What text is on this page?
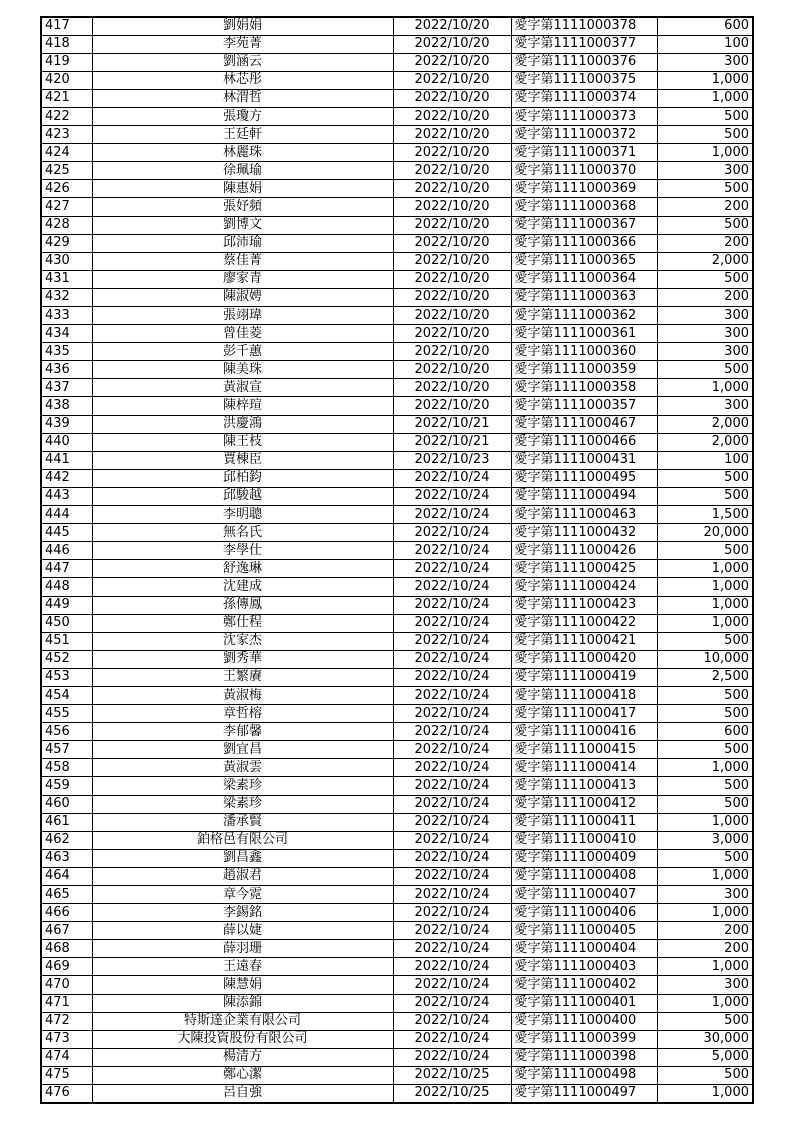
417	劉娟娟	2022/10/20	愛字第1111000378	600
418	李苑菁	2022/10/20	愛字第1111000377	100
419	劉涵云	2022/10/20	愛字第1111000376	300
420	林芯彤	2022/10/20	愛字第1111000375	1,000
421	林渭哲	2022/10/20	愛字第1111000374	1,000
422	張瓊方	2022/10/20	愛字第1111000373	500
423	王廷軒	2022/10/20	愛字第1111000372	500
424	林麗珠	2022/10/20	愛字第1111000371	1,000
425	徐珮瑜	2022/10/20	愛字第1111000370	300
426	陳惠娟	2022/10/20	愛字第1111000369	500
427	張妤頻	2022/10/20	愛字第1111000368	200
428	劉博文	2022/10/20	愛字第1111000367	500
429	邱沛瑜	2022/10/20	愛字第1111000366	200
430	蔡佳菁	2022/10/20	愛字第1111000365	2,000
431	廖家青	2022/10/20	愛字第1111000364	500
432	陳淑娉	2022/10/20	愛字第1111000363	200
433	張翊瑋	2022/10/20	愛字第1111000362	300
434	曾佳菱	2022/10/20	愛字第1111000361	300
435	彭千蕙	2022/10/20	愛字第1111000360	300
436	陳美珠	2022/10/20	愛字第1111000359	500
437	黃淑宣	2022/10/20	愛字第1111000358	1,000
438	陳梓瑄	2022/10/20	愛字第1111000357	300
439	洪慶鴻	2022/10/21	愛字第1111000467	2,000
440	陳王枝	2022/10/21	愛字第1111000466	2,000
441	賈棟臣	2022/10/23	愛字第1111000431	100
442	邱柏鈞	2022/10/24	愛字第1111000495	500
443	邱駿越	2022/10/24	愛字第1111000494	500
444	李明聰	2022/10/24	愛字第1111000463	1,500
445	無名氏	2022/10/24	愛字第1111000432	20,000
446	李學仕	2022/10/24	愛字第1111000426	500
447	舒逸琳	2022/10/24	愛字第1111000425	1,000
448	沈建成	2022/10/24	愛字第1111000424	1,000
449	孫傳鳳	2022/10/24	愛字第1111000423	1,000
450	鄭仕程	2022/10/24	愛字第1111000422	1,000
451	沈家杰	2022/10/24	愛字第1111000421	500
452	劉秀華	2022/10/24	愛字第1111000420	10,000
453	王繁賡	2022/10/24	愛字第1111000419	2,500
454	黃淑梅	2022/10/24	愛字第1111000418	500
455	章哲榕	2022/10/24	愛字第1111000417	500
456	李郁馨	2022/10/24	愛字第1111000416	600
457	劉宜昌	2022/10/24	愛字第1111000415	500
458	黃淑雲	2022/10/24	愛字第1111000414	1,000
459	梁素珍	2022/10/24	愛字第1111000413	500
460	梁素珍	2022/10/24	愛字第1111000412	500
461	潘承賢	2022/10/24	愛字第1111000411	1,000
462	鉑格邑有限公司	2022/10/24	愛字第1111000410	3,000
463	劉昌鑫	2022/10/24	愛字第1111000409	500
464	趙淑君	2022/10/24	愛字第1111000408	1,000
465	章今霓	2022/10/24	愛字第1111000407	300
466	李錫銘	2022/10/24	愛字第1111000406	1,000
467	薛以婕	2022/10/24	愛字第1111000405	200
468	薛羽珊	2022/10/24	愛字第1111000404	200
469	王遠春	2022/10/24	愛字第1111000403	1,000
470	陳慧娟	2022/10/24	愛字第1111000402	300
471	陳添錦	2022/10/24	愛字第1111000401	1,000
472	特斯達企業有限公司	2022/10/24	愛字第1111000400	500
473	大陳投資股份有限公司	2022/10/24	愛字第1111000399	30,000
474	楊清方	2022/10/24	愛字第1111000398	5,000
475	鄭心潔	2022/10/25	愛字第1111000498	500
476	呂自強	2022/10/25	愛字第1111000497	1,000
